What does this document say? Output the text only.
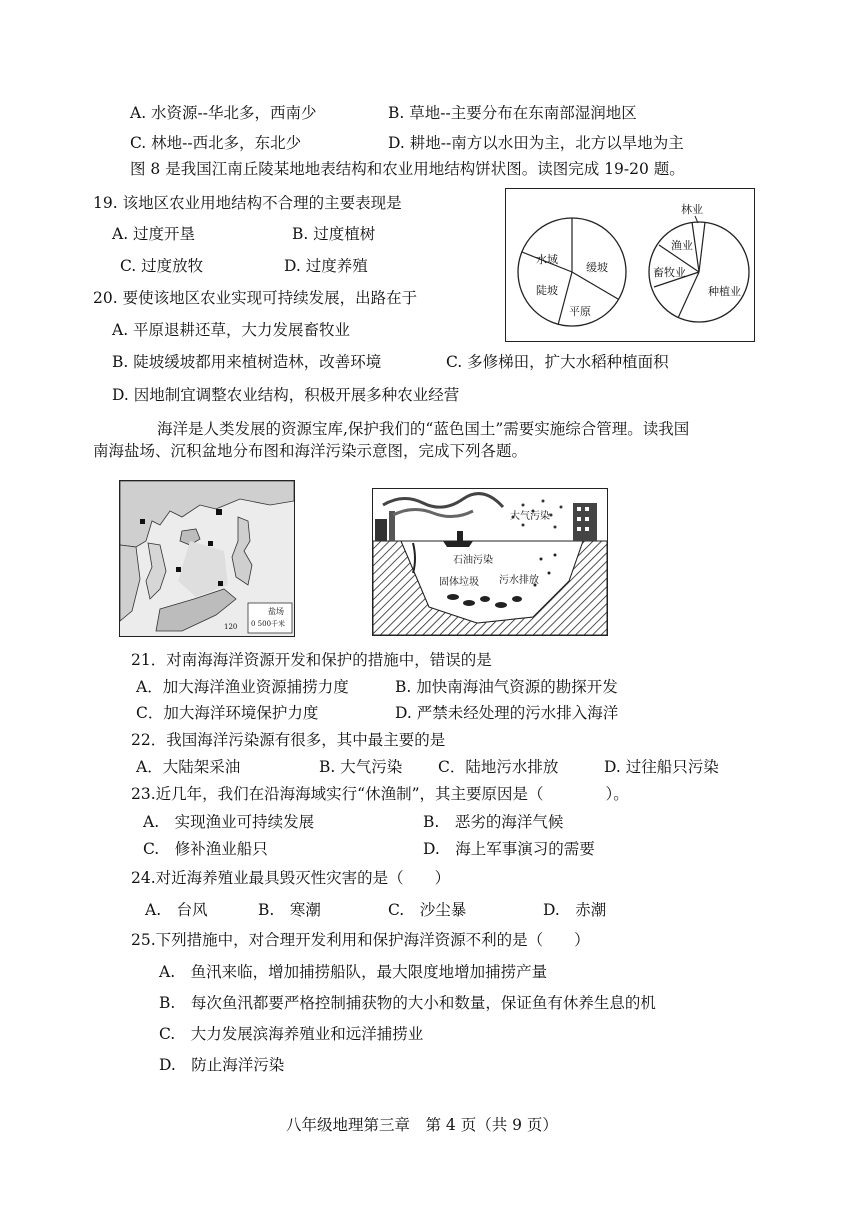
A. 水资源--华北多，西南少	B. 草地--主要分布在东南部湿润地区
C. 林地--西北多，东北少	D. 耕地--南方以水田为主，北方以旱地为主
图 8 是我国江南丘陵某地地表结构和农业用地结构饼状图。读图完成 19-20 题。
19. 该地区农业用地结构不合理的主要表现是
A. 过度开垦	B. 过度植树
C. 过度放牧	D. 过度养殖
20. 要使该地区农业实现可持续发展，出路在于
A. 平原退耕还草，大力发展畜牧业
B. 陡坡缓坡都用来植树造林，改善环境	C. 多修梯田，扩大水稻种植面积
D. 因地制宜调整农业结构，积极开展多种农业经营
水域
缓坡
陡坡
平原
林业
渔业
畜牧业
种植业
海洋是人类发展的资源宝库,保护我们的“蓝色国土”需要实施综合管理。读我国
南海盐场、沉积盆地分布图和海洋污染示意图，完成下列各题。
盐场
0 500千米
120
大气污染
石油污染
固体垃圾 污水排放
21．对南海海洋资源开发和保护的措施中，错误的是
A．加大海洋渔业资源捕捞力度	B. 加快南海油气资源的勘探开发
C．加大海洋环境保护力度	D. 严禁未经处理的污水排入海洋
22．我国海洋污染源有很多，其中最主要的是
A．大陆架采油	B. 大气污染 C．陆地污水排放	D. 过往船只污染
23.近几年，我们在沿海海域实行“休渔制”，其主要原因是（　　　　）。
A.　实现渔业可持续发展	B.　恶劣的海洋气候
C.　修补渔业船只	D.　海上军事演习的需要
24.对近海养殖业最具毁灭性灾害的是（　　）
A.　台风	B.　寒潮	C.　沙尘暴	D.　赤潮
25.下列措施中，对合理开发利用和保护海洋资源不利的是（　　）
A.　鱼汛来临，增加捕捞船队，最大限度地增加捕捞产量
B.　每次鱼汛都要严格控制捕获物的大小和数量，保证鱼有休养生息的机
C.　大力发展滨海养殖业和远洋捕捞业
D.　防止海洋污染
八年级地理第三章　第 4 页（共 9 页）
